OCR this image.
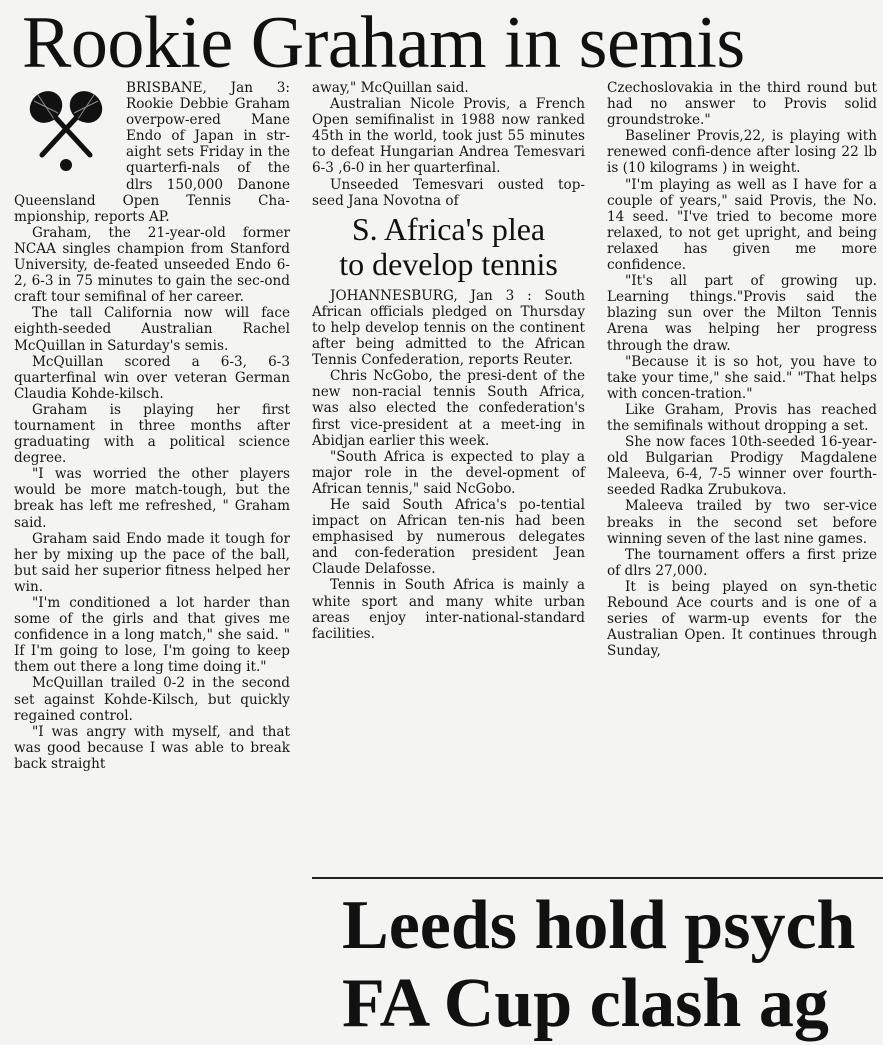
Rookie Graham in semis

BRISBANE, Jan 3: Rookie Debbie Graham overpow-ered Mane Endo of Japan in str-aight sets Friday in the quarterfi-nals of the dlrs 150,000 Danone Queensland Open Tennis Cha-mpionship, reports AP.

Graham, the 21-year-old former NCAA singles champion from Stanford University, de-feated unseeded Endo 6-2, 6-3 in 75 minutes to gain the sec-ond craft tour semifinal of her career.

The tall California now will face eighth-seeded Australian Rachel McQuillan in Saturday's semis.

McQuillan scored a 6-3, 6-3 quarterfinal win over veteran German Claudia Kohde-kilsch.

Graham is playing her first tournament in three months after graduating with a political science degree.

"I was worried the other players would be more match-tough, but the break has left me refreshed, " Graham said.

Graham said Endo made it tough for her by mixing up the pace of the ball, but said her superior fitness helped her win.

"I'm conditioned a lot harder than some of the girls and that gives me confidence in a long match," she said. " If I'm going to lose, I'm going to keep them out there a long time doing it."

McQuillan trailed 0-2 in the second set against Kohde-Kilsch, but quickly regained control.

"I was angry with myself, and that was good because I was able to break back straight

away," McQuillan said.

Australian Nicole Provis, a French Open semifinalist in 1988 now ranked 45th in the world, took just 55 minutes to defeat Hungarian Andrea Temesvari 6-3 ,6-0 in her quarterfinal.

Unseeded Temesvari ousted top-seed Jana Novotna of

S. Africa's plea
to develop tennis

JOHANNESBURG, Jan 3 : South African officials pledged on Thursday to help develop tennis on the continent after being admitted to the African Tennis Confederation, reports Reuter.

Chris NcGobo, the presi-dent of the new non-racial tennis South Africa, was also elected the confederation's first vice-president at a meet-ing in Abidjan earlier this week.

"South Africa is expected to play a major role in the devel-opment of African tennis," said NcGobo.

He said South Africa's po-tential impact on African ten-nis had been emphasised by numerous delegates and con-federation president Jean Claude Delafosse.

Tennis in South Africa is mainly a white sport and many white urban areas enjoy inter-national-standard facilities.

Czechoslovakia in the third round but had no answer to Provis solid groundstroke."

Baseliner Provis,22, is playing with renewed confi-dence after losing 22 lb is (10 kilograms ) in weight.

"I'm playing as well as I have for a couple of years," said Provis, the No. 14 seed. "I've tried to become more relaxed, to not get upright, and being relaxed has given me more confidence.

"It's all part of growing up. Learning things."Provis said the blazing sun over the Milton Tennis Arena was helping her progress through the draw.

"Because it is so hot, you have to take your time," she said." "That helps with concen-tration."

Like Graham, Provis has reached the semifinals without dropping a set.

She now faces 10th-seeded 16-year-old Bulgarian Prodigy Magdalene Maleeva, 6-4, 7-5 winner over fourth-seeded Radka Zrubukova.

Maleeva trailed by two ser-vice breaks in the second set before winning seven of the last nine games.

The tournament offers a first prize of dlrs 27,000.

It is being played on syn-thetic Rebound Ace courts and is one of a series of warm-up events for the Australian Open. It continues through Sunday,

Leeds hold psych
FA Cup clash ag
